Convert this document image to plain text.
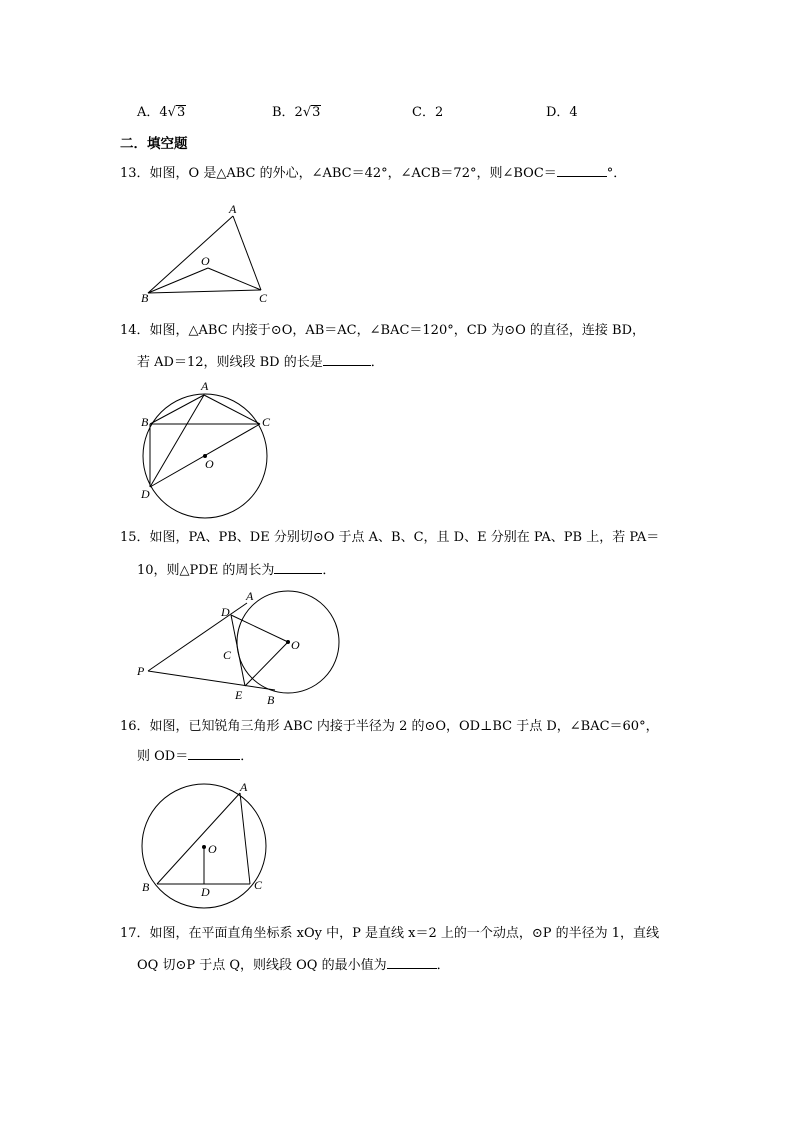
A．4√3	B．2√3	C．2	D．4
二．填空题
13．如图，O 是△ABC 的外心，∠ABC＝42°，∠ACB＝72°，则∠BOC＝	°．
A
O
B	C
14．如图，△ABC 内接于⊙O，AB＝AC，∠BAC＝120°，CD 为⊙O 的直径，连接 BD，
若 AD＝12，则线段 BD 的长是	．
A
B	C
O
D
15．如图，PA、PB、DE 分别切⊙O 于点 A、B、C，且 D、E 分别在 PA、PB 上，若 PA＝
10，则△PDE 的周长为	．
A
D
C
O
P
E B
16．如图，已知锐角三角形 ABC 内接于半径为 2 的⊙O，OD⊥BC 于点 D，∠BAC＝60°，
则 OD＝	．
A
O
B	D	C
17．如图，在平面直角坐标系 xOy 中，P 是直线 x＝2 上的一个动点，⊙P 的半径为 1，直线
OQ 切⊙P 于点 Q，则线段 OQ 的最小值为	．
